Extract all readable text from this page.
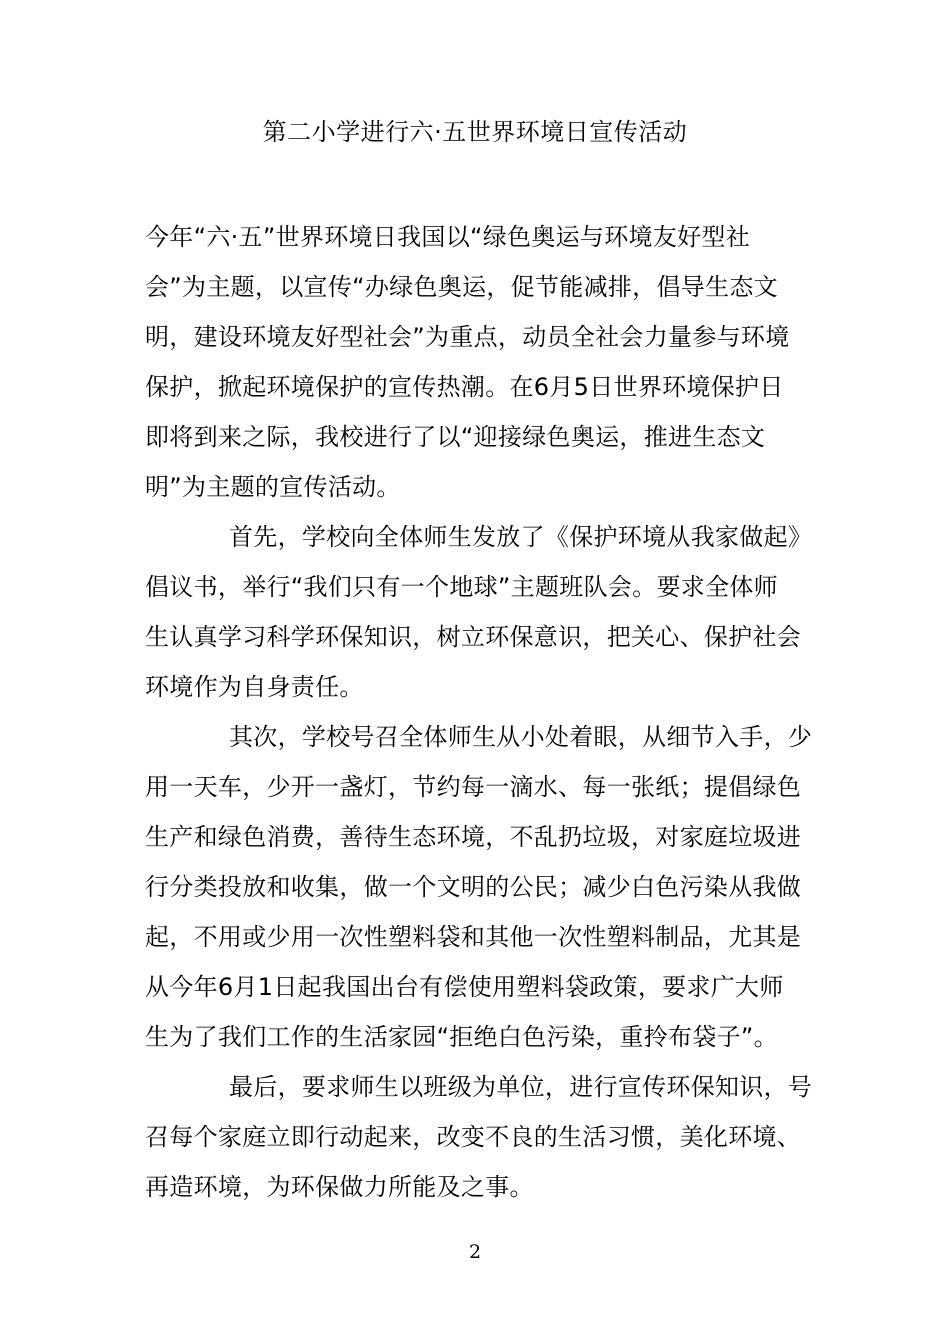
第二小学进行六·五世界环境日宣传活动

今年“六·五”世界环境日我国以“绿色奥运与环境友好型社
会”为主题，以宣传“办绿色奥运，促节能减排，倡导生态文
明，建设环境友好型社会”为重点，动员全社会力量参与环境
保护，掀起环境保护的宣传热潮。在6月5日世界环境保护日
即将到来之际，我校进行了以“迎接绿色奥运，推进生态文
明”为主题的宣传活动。

首先，学校向全体师生发放了《保护环境从我家做起》
倡议书，举行“我们只有一个地球”主题班队会。要求全体师
生认真学习科学环保知识，树立环保意识，把关心、保护社会
环境作为自身责任。

其次，学校号召全体师生从小处着眼，从细节入手，少
用一天车，少开一盏灯，节约每一滴水、每一张纸；提倡绿色
生产和绿色消费，善待生态环境，不乱扔垃圾，对家庭垃圾进
行分类投放和收集，做一个文明的公民；减少白色污染从我做
起，不用或少用一次性塑料袋和其他一次性塑料制品，尤其是
从今年6月1日起我国出台有偿使用塑料袋政策，要求广大师
生为了我们工作的生活家园“拒绝白色污染，重拎布袋子”。

最后，要求师生以班级为单位，进行宣传环保知识，号
召每个家庭立即行动起来，改变不良的生活习惯，美化环境、
再造环境，为环保做力所能及之事。

2
